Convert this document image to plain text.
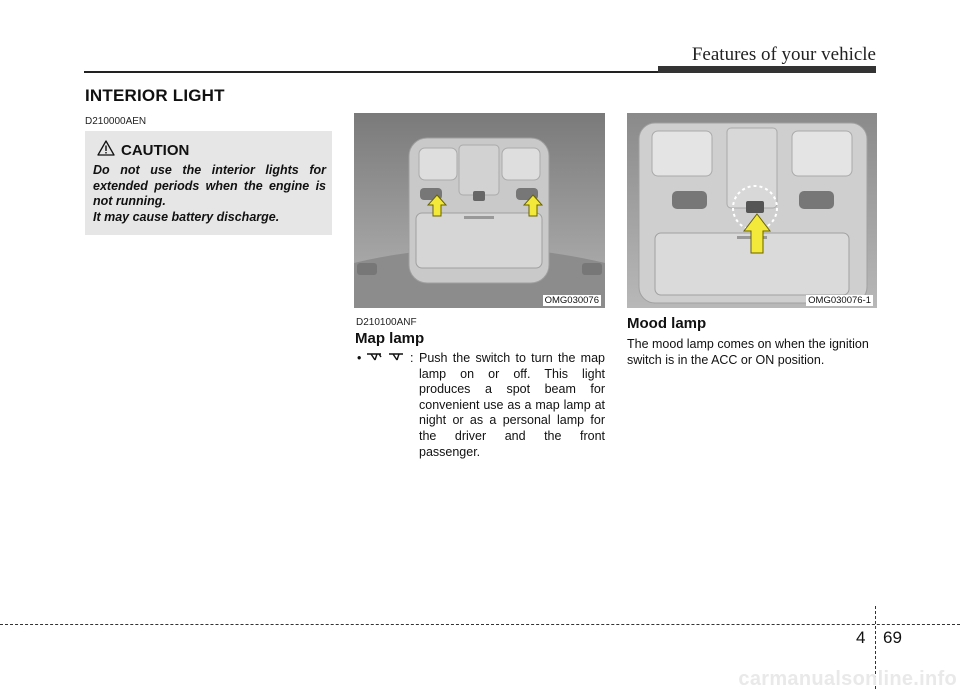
Features of your vehicle
INTERIOR LIGHT
D210000AEN
CAUTION

Do not use the interior lights for extended periods when the engine is not running.

It may cause battery discharge.

OMG030076	OMG030076-1
D210100ANF
Map lamp
•	: Push the switch to turn the map lamp on or off. This light produces a spot beam for convenient use as a map lamp at night or as a personal lamp for the driver and the front passenger.
Mood lamp
The mood lamp comes on when the ignition switch is in the ACC or ON position.
4 69
carmanualsonline.info
